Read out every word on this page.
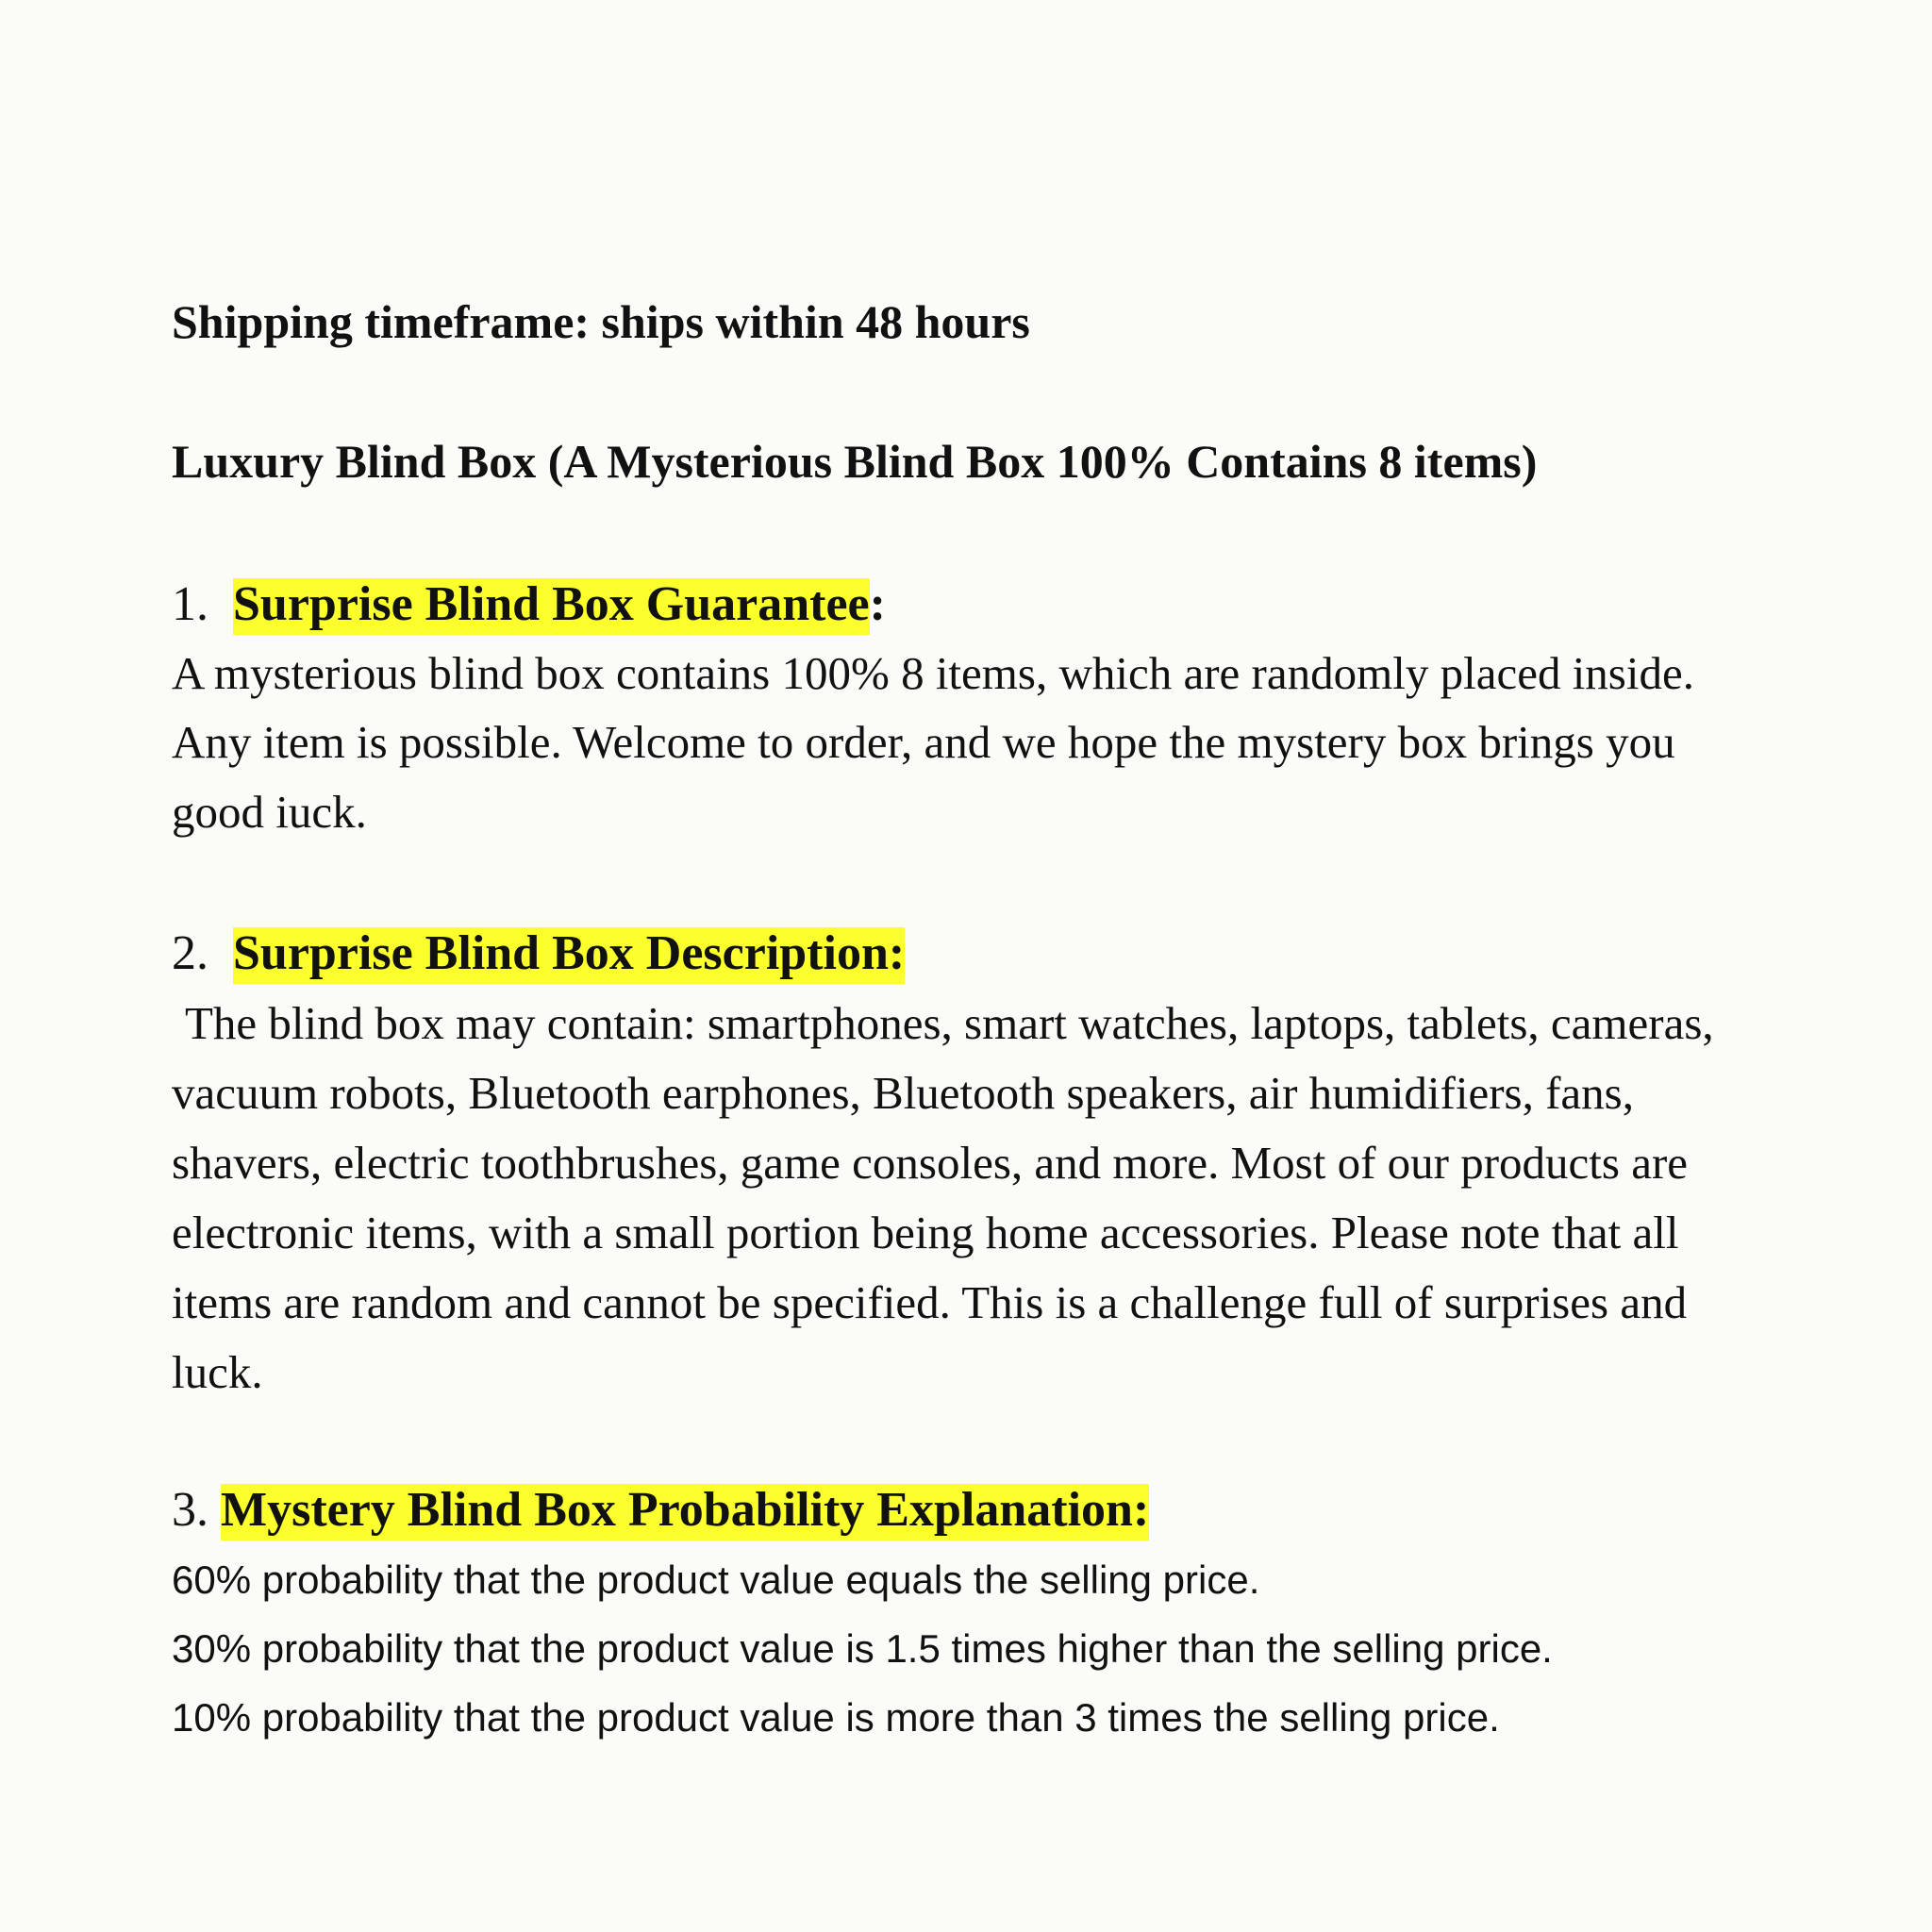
Shipping timeframe: ships within 48 hours
Luxury Blind Box (A Mysterious Blind Box 100% Contains 8 items)
1. Surprise Blind Box Guarantee:
A mysterious blind box contains 100% 8 items, which are randomly placed inside.
Any item is possible. Welcome to order, and we hope the mystery box brings you
good iuck.
2. Surprise Blind Box Description:
The blind box may contain: smartphones, smart watches, laptops, tablets, cameras,
vacuum robots, Bluetooth earphones, Bluetooth speakers, air humidifiers, fans,
shavers, electric toothbrushes, game consoles, and more. Most of our products are
electronic items, with a small portion being home accessories. Please note that all
items are random and cannot be specified. This is a challenge full of surprises and
luck.
3. Mystery Blind Box Probability Explanation:
60% probability that the product value equals the selling price.
30% probability that the product value is 1.5 times higher than the selling price.
10% probability that the product value is more than 3 times the selling price.
